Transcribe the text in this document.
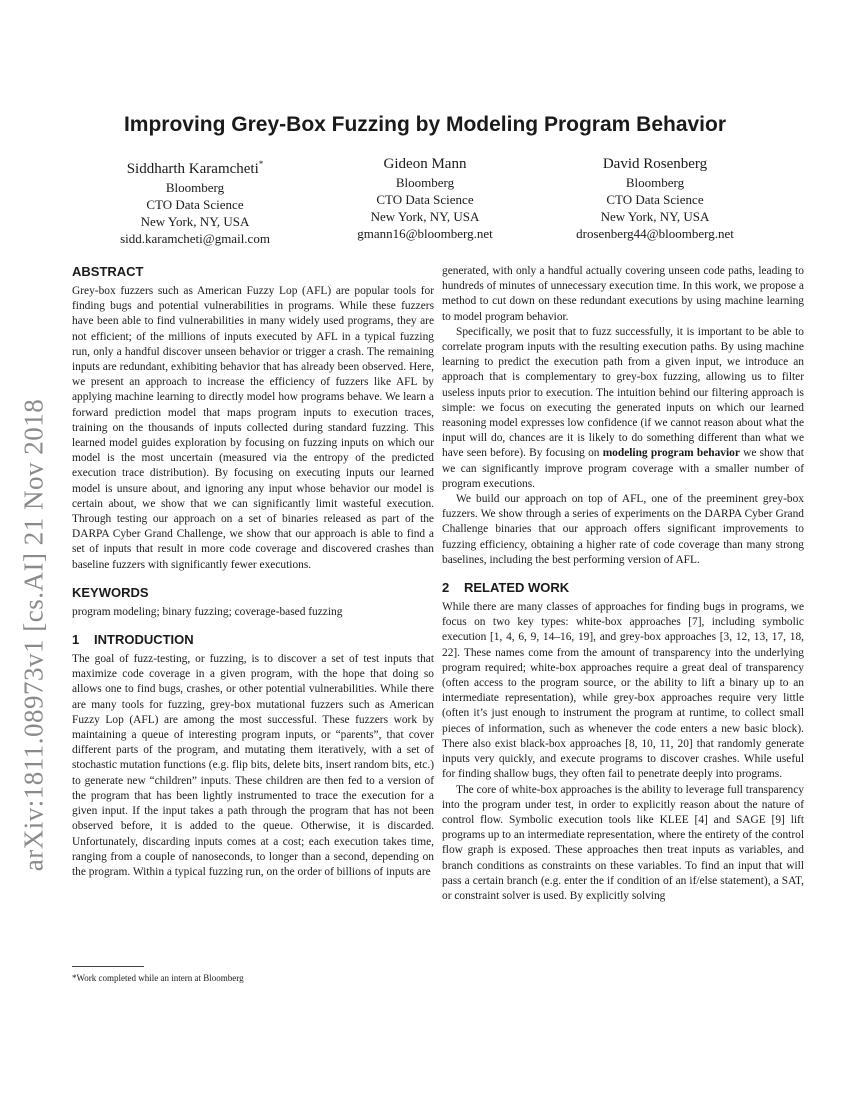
arXiv:1811.08973v1 [cs.AI] 21 Nov 2018
Improving Grey-Box Fuzzing by Modeling Program Behavior
Siddharth Karamcheti*
Bloomberg
CTO Data Science
New York, NY, USA
sidd.karamcheti@gmail.com
Gideon Mann
Bloomberg
CTO Data Science
New York, NY, USA
gmann16@bloomberg.net
David Rosenberg
Bloomberg
CTO Data Science
New York, NY, USA
drosenberg44@bloomberg.net
ABSTRACT

Grey-box fuzzers such as American Fuzzy Lop (AFL) are popular tools for finding bugs and potential vulnerabilities in programs. While these fuzzers have been able to find vulnerabilities in many widely used programs, they are not efficient; of the millions of inputs executed by AFL in a typical fuzzing run, only a handful discover unseen behavior or trigger a crash. The remaining inputs are redundant, exhibiting behavior that has already been observed. Here, we present an approach to increase the efficiency of fuzzers like AFL by applying machine learning to directly model how programs behave. We learn a forward prediction model that maps program inputs to execution traces, training on the thousands of inputs collected during standard fuzzing. This learned model guides exploration by focusing on fuzzing inputs on which our model is the most uncertain (measured via the entropy of the predicted execution trace distribution). By focusing on executing inputs our learned model is unsure about, and ignoring any input whose behavior our model is certain about, we show that we can significantly limit wasteful execution. Through testing our approach on a set of binaries released as part of the DARPA Cyber Grand Challenge, we show that our approach is able to find a set of inputs that result in more code coverage and discovered crashes than baseline fuzzers with significantly fewer executions.

KEYWORDS

program modeling; binary fuzzing; coverage-based fuzzing

1 INTRODUCTION

The goal of fuzz-testing, or fuzzing, is to discover a set of test inputs that maximize code coverage in a given program, with the hope that doing so allows one to find bugs, crashes, or other potential vulnerabilities. While there are many tools for fuzzing, grey-box mutational fuzzers such as American Fuzzy Lop (AFL) are among the most successful. These fuzzers work by maintaining a queue of interesting program inputs, or “parents”, that cover different parts of the program, and mutating them iteratively, with a set of stochastic mutation functions (e.g. flip bits, delete bits, insert random bits, etc.) to generate new “children” inputs. These children are then fed to a version of the program that has been lightly instrumented to trace the execution for a given input. If the input takes a path through the program that has not been observed before, it is added to the queue. Otherwise, it is discarded. Unfortunately, discarding inputs comes at a cost; each execution takes time, ranging from a couple of nanoseconds, to longer than a second, depending on the program. Within a typical fuzzing run, on the order of billions of inputs are

*Work completed while an intern at Bloomberg

generated, with only a handful actually covering unseen code paths, leading to hundreds of minutes of unnecessary execution time. In this work, we propose a method to cut down on these redundant executions by using machine learning to model program behavior.

Specifically, we posit that to fuzz successfully, it is important to be able to correlate program inputs with the resulting execution paths. By using machine learning to predict the execution path from a given input, we introduce an approach that is complementary to grey-box fuzzing, allowing us to filter useless inputs prior to execution. The intuition behind our filtering approach is simple: we focus on executing the generated inputs on which our learned reasoning model expresses low confidence (if we cannot reason about what the input will do, chances are it is likely to do something different than what we have seen before). By focusing on modeling program behavior we show that we can significantly improve program coverage with a smaller number of program executions.

We build our approach on top of AFL, one of the preeminent grey-box fuzzers. We show through a series of experiments on the DARPA Cyber Grand Challenge binaries that our approach offers significant improvements to fuzzing efficiency, obtaining a higher rate of code coverage than many strong baselines, including the best performing version of AFL.

2 RELATED WORK

While there are many classes of approaches for finding bugs in programs, we focus on two key types: white-box approaches [7], including symbolic execution [1, 4, 6, 9, 14–16, 19], and grey-box approaches [3, 12, 13, 17, 18, 22]. These names come from the amount of transparency into the underlying program required; white-box approaches require a great deal of transparency (often access to the program source, or the ability to lift a binary up to an intermediate representation), while grey-box approaches require very little (often it’s just enough to instrument the program at runtime, to collect small pieces of information, such as whenever the code enters a new basic block). There also exist black-box approaches [8, 10, 11, 20] that randomly generate inputs very quickly, and execute programs to discover crashes. While useful for finding shallow bugs, they often fail to penetrate deeply into programs.

The core of white-box approaches is the ability to leverage full transparency into the program under test, in order to explicitly reason about the nature of control flow. Symbolic execution tools like KLEE [4] and SAGE [9] lift programs up to an intermediate representation, where the entirety of the control flow graph is exposed. These approaches then treat inputs as variables, and branch conditions as constraints on these variables. To find an input that will pass a certain branch (e.g. enter the if condition of an if/else statement), a SAT, or constraint solver is used. By explicitly solving
